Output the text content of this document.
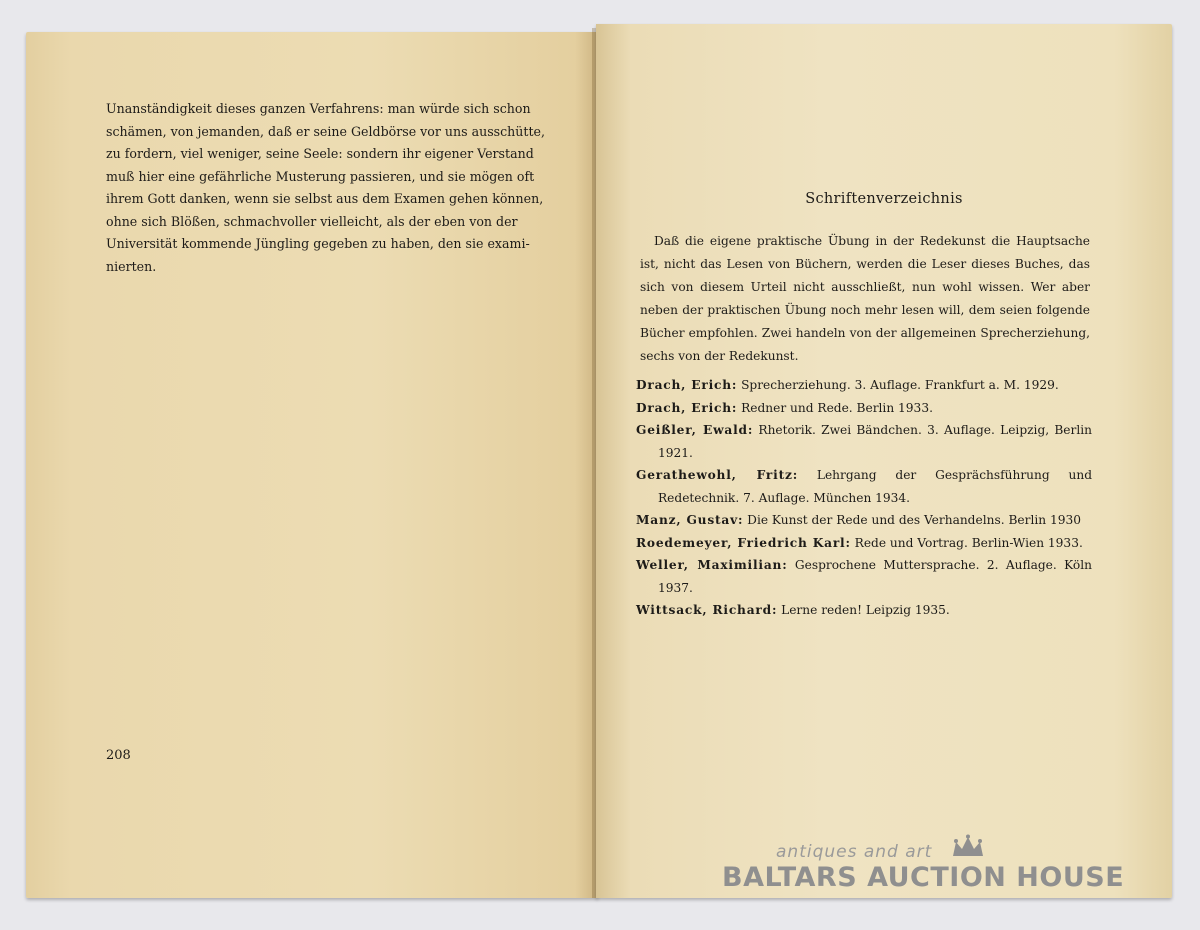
Unanständigkeit dieses ganzen Verfahrens: man würde sich schon
schämen, von jemanden, daß er seine Geldbörse vor uns ausschütte,
zu fordern, viel weniger, seine Seele: sondern ihr eigener Verstand
muß hier eine gefährliche Musterung passieren, und sie mögen oft
ihrem Gott danken, wenn sie selbst aus dem Examen gehen können,
ohne sich Blößen, schmachvoller vielleicht, als der eben von der
Universität kommende Jüngling gegeben zu haben, den sie exami-
nierten.

208
Schriftenverzeichnis

Daß die eigene praktische Übung in der Redekunst die Hauptsache ist, nicht das Lesen von Büchern, werden die Leser dieses Buches, das sich von diesem Urteil nicht ausschließt, nun wohl wissen. Wer aber neben der praktischen Übung noch mehr lesen will, dem seien folgende Bücher empfohlen. Zwei handeln von der allgemeinen Sprecherziehung, sechs von der Redekunst.

Drach, Erich: Sprecherziehung. 3. Auflage. Frankfurt a. M. 1929.
Drach, Erich: Redner und Rede. Berlin 1933.
Geißler, Ewald: Rhetorik. Zwei Bändchen. 3. Auflage. Leipzig, Berlin 1921.
Gerathewohl, Fritz: Lehrgang der Gesprächsführung und Redetechnik. 7. Auflage. München 1934.
Manz, Gustav: Die Kunst der Rede und des Verhandelns. Berlin 1930
Roedemeyer, Friedrich Karl: Rede und Vortrag. Berlin-Wien 1933.
Weller, Maximilian: Gesprochene Muttersprache. 2. Auflage. Köln 1937.
Wittsack, Richard: Lerne reden! Leipzig 1935.
antiques and art
BALTARS AUCTION HOUSE
